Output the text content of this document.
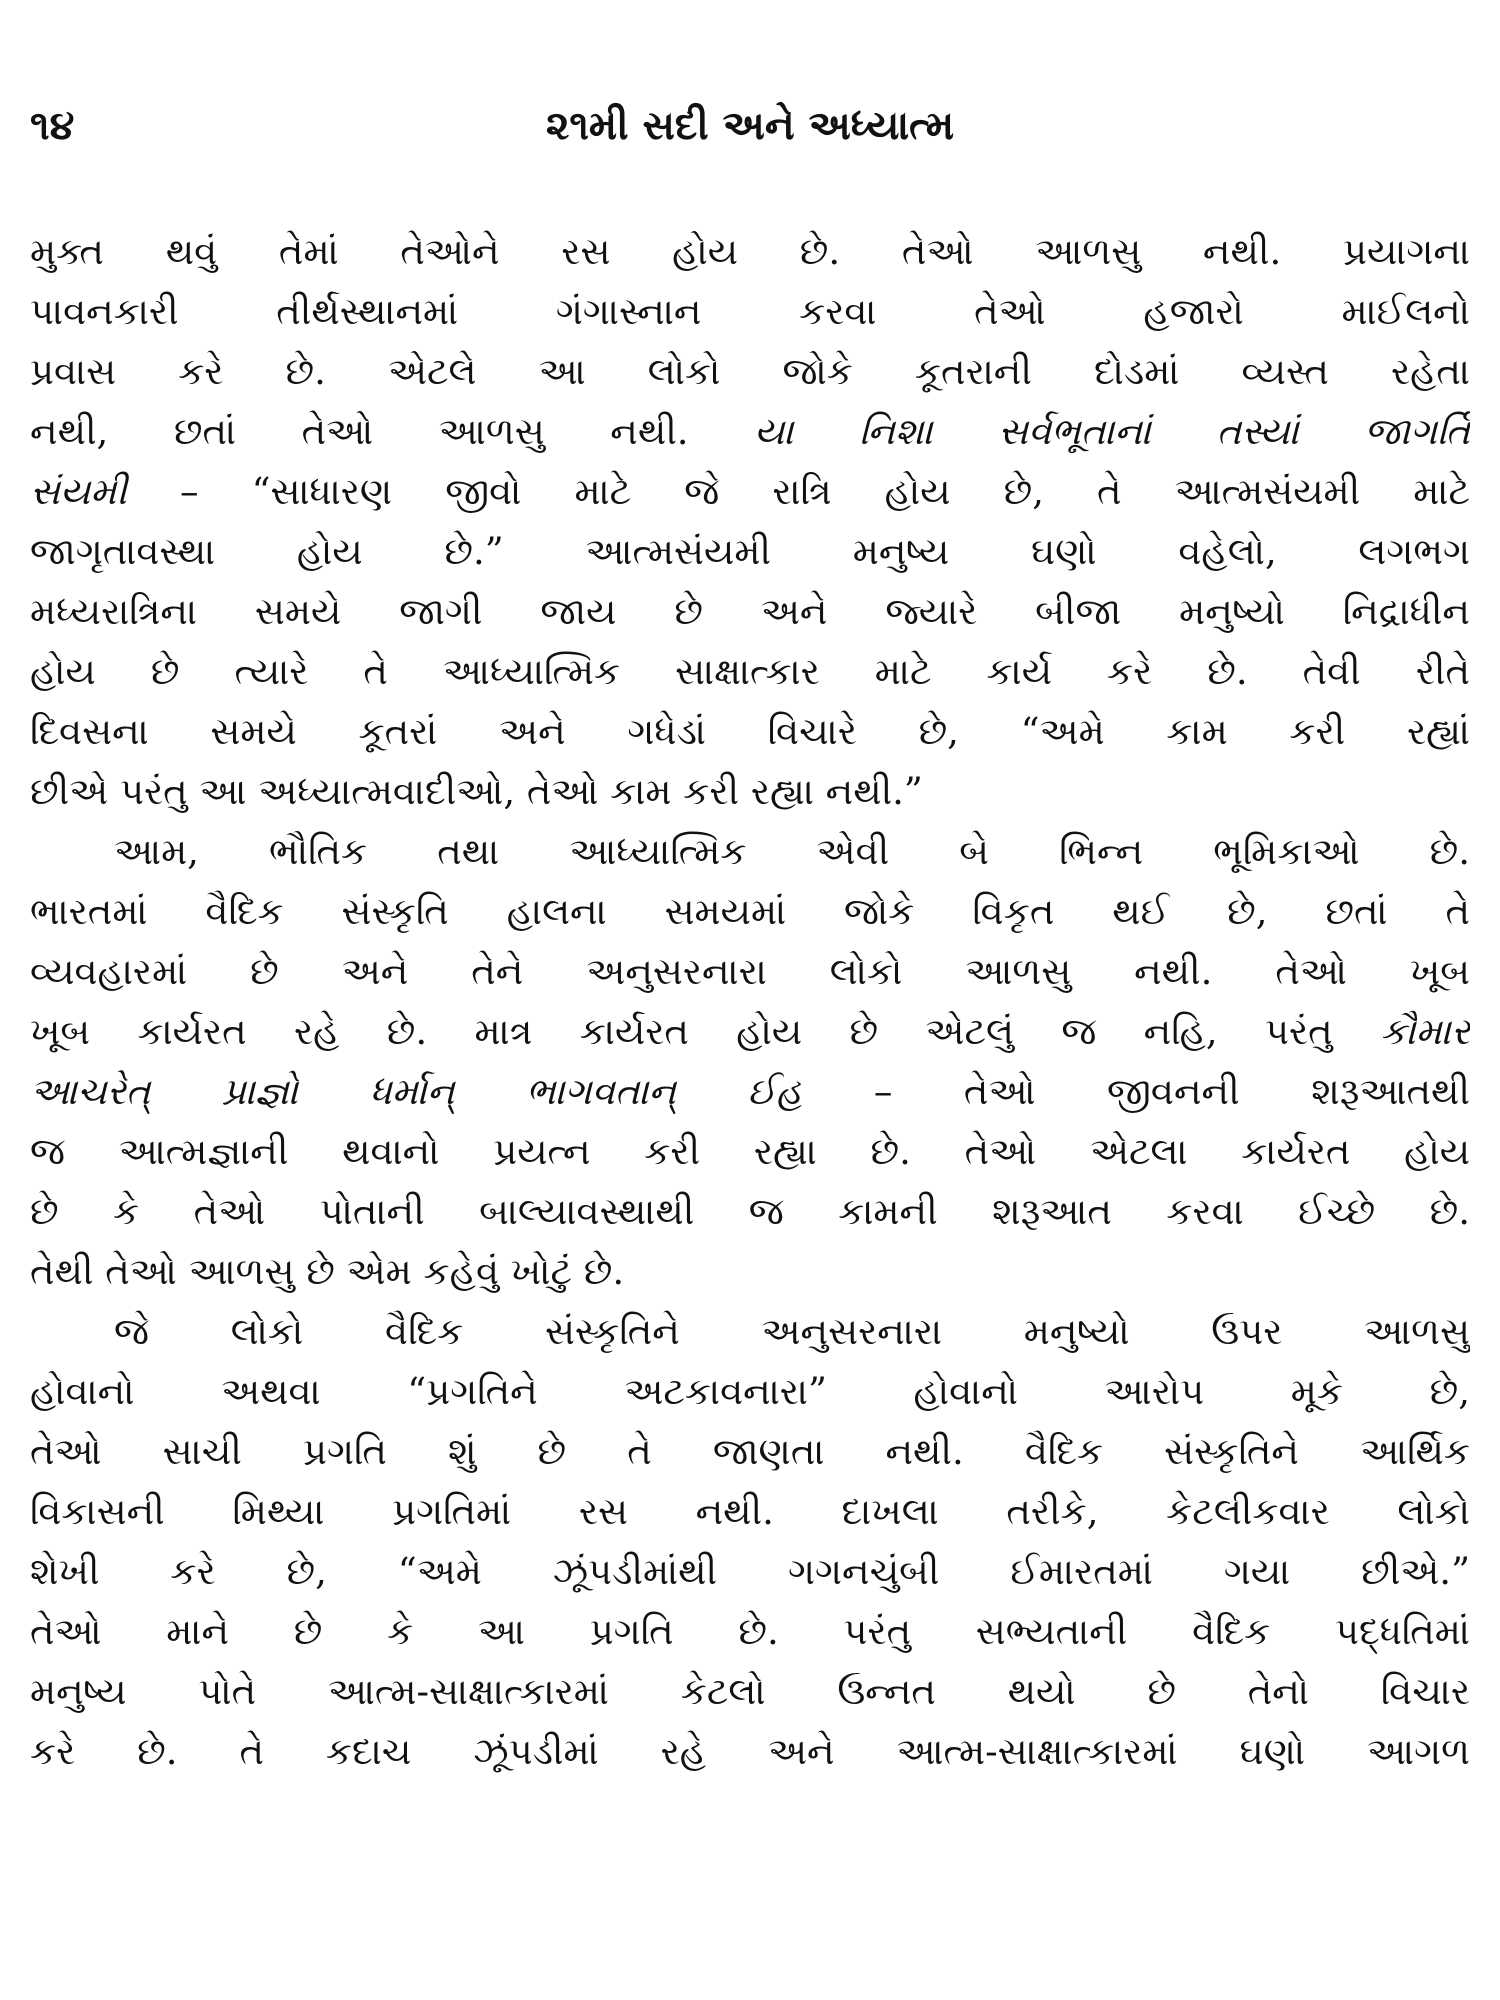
૧૪	૨૧મી સદી અને અધ્યાત્મ
મુક્ત થવું તેમાં તેઓને રસ હોય છે. તેઓ આળસુ નથી. પ્રયાગના
પાવનકારી તીર્થસ્થાનમાં ગંગાસ્નાન કરવા તેઓ હજારો માઈલનો
પ્રવાસ કરે છે. એટલે આ લોકો જોકે કૂતરાની દોડમાં વ્યસ્ત રહેતા
નથી, છતાં તેઓ આળસુ નથી. યા નિશા સર્વભૂતાનાં તસ્યાં જાગર્તિ
સંયમી – “સાધારણ જીવો માટે જે રાત્રિ હોય છે, તે આત્મસંયમી માટે
જાગૃતાવસ્થા હોય છે.” આત્મસંયમી મનુષ્ય ઘણો વહેલો, લગભગ
મધ્યરાત્રિના સમયે જાગી જાય છે અને જ્યારે બીજા મનુષ્યો નિદ્રાધીન
હોય છે ત્યારે તે આધ્યાત્મિક સાક્ષાત્કાર માટે કાર્ય કરે છે. તેવી રીતે
દિવસના સમયે કૂતરાં અને ગધેડાં વિચારે છે, “અમે કામ કરી રહ્યાં
છીએ પરંતુ આ અધ્યાત્મવાદીઓ, તેઓ કામ કરી રહ્યા નથી.”
આમ, ભૌતિક તથા આધ્યાત્મિક એવી બે ભિન્ન ભૂમિકાઓ છે.
ભારતમાં વૈદિક સંસ્કૃતિ હાલના સમયમાં જોકે વિકૃત થઈ છે, છતાં તે
વ્યવહારમાં છે અને તેને અનુસરનારા લોકો આળસુ નથી. તેઓ ખૂબ
ખૂબ કાર્યરત રહે છે. માત્ર કાર્યરત હોય છે એટલું જ નહિ, પરંતુ કૌમાર
આચરેત્ પ્રાજ્ઞો ધર્માન્ ભાગવતાન્ ઈહ – તેઓ જીવનની શરૂઆતથી
જ આત્મજ્ઞાની થવાનો પ્રયત્ન કરી રહ્યા છે. તેઓ એટલા કાર્યરત હોય
છે કે તેઓ પોતાની બાલ્યાવસ્થાથી જ કામની શરૂઆત કરવા ઈચ્છે છે.
તેથી તેઓ આળસુ છે એમ કહેવું ખોટું છે.
જે લોકો વૈદિક સંસ્કૃતિને અનુસરનારા મનુષ્યો ઉપર આળસુ
હોવાનો અથવા “પ્રગતિને અટકાવનારા” હોવાનો આરોપ મૂકે છે,
તેઓ સાચી પ્રગતિ શું છે તે જાણતા નથી. વૈદિક સંસ્કૃતિને આર્થિક
વિકાસની મિથ્યા પ્રગતિમાં રસ નથી. દાખલા તરીકે, કેટલીકવાર લોકો
શેખી કરે છે, “અમે ઝૂંપડીમાંથી ગગનચુંબી ઈમારતમાં ગયા છીએ.”
તેઓ માને છે કે આ પ્રગતિ છે. પરંતુ સભ્યતાની વૈદિક પદ્ધતિમાં
મનુષ્ય પોતે આત્મ-સાક્ષાત્કારમાં કેટલો ઉન્નત થયો છે તેનો વિચાર
કરે છે. તે કદાચ ઝૂંપડીમાં રહે અને આત્મ-સાક્ષાત્કારમાં ઘણો આગળ
